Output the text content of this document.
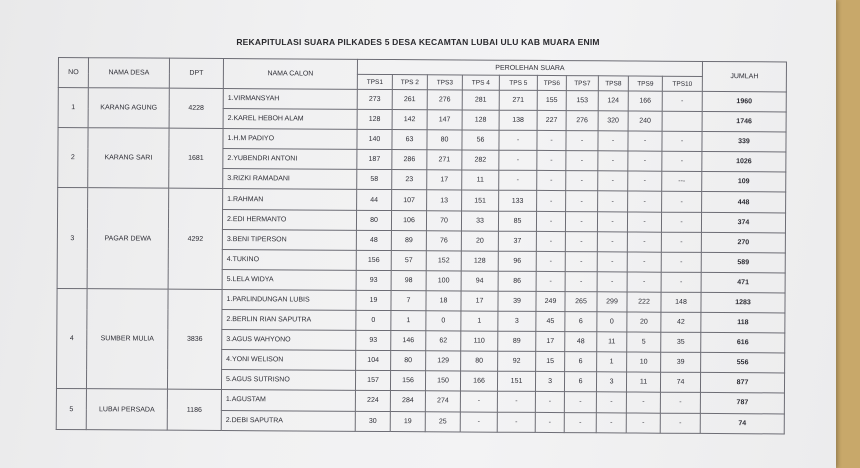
REKAPITULASI SUARA PILKADES 5 DESA KECAMTAN LUBAI ULU KAB MUARA ENIM
NO	NAMA DESA	DPT	NAMA CALON	PEROLEHAN SUARA										JUMLAH
				TPS1	TPS 2	TPS3	TPS 4	TPS 5	TPS6	TPS7	TPS8	TPS9	TPS10	
1	KARANG AGUNG	4228	1.VIRMANSYAH	273	261	276	281	271	155	153	124	166	-	1960
			2.KAREL HEBOH ALAM	128	142	147	128	138	227	276	320	240		1746
2	KARANG SARI	1681	1.H.M PADIYO	140	63	80	56	-	-	-	-	-	-	339
			2.YUBENDRI ANTONI	187	286	271	282	-	-	-	-	-	-	1026
			3.RIZKI RAMADANI	58	23	17	11	-	-	-	-	-	---	109
3	PAGAR DEWA	4292	1.RAHMAN	44	107	13	151	133	-	-	-	-	-	448
			2.EDI HERMANTO	80	106	70	33	85	-	-	-	-	-	374
			3.BENI TIPERSON	48	89	76	20	37	-	-	-	-	-	270
			4.TUKINO	156	57	152	128	96	-	-	-	-	-	589
			5.LELA WIDYA	93	98	100	94	86	-	-	-	-	-	471
4	SUMBER MULIA	3836	1.PARLINDUNGAN LUBIS	19	7	18	17	39	249	265	299	222	148	1283
			2.BERLIN RIAN SAPUTRA	0	1	0	1	3	45	6	0	20	42	118
			3.AGUS WAHYONO	93	146	62	110	89	17	48	11	5	35	616
			4.YONI WELISON	104	80	129	80	92	15	6	1	10	39	556
			5.AGUS SUTRISNO	157	156	150	166	151	3	6	3	11	74	877
5	LUBAI PERSADA	1186	1.AGUSTAM	224	284	274	-	-	-	-	-	-	-	787
			2.DEBI SAPUTRA	30	19	25	-	-	-	-	-	-	-	74
